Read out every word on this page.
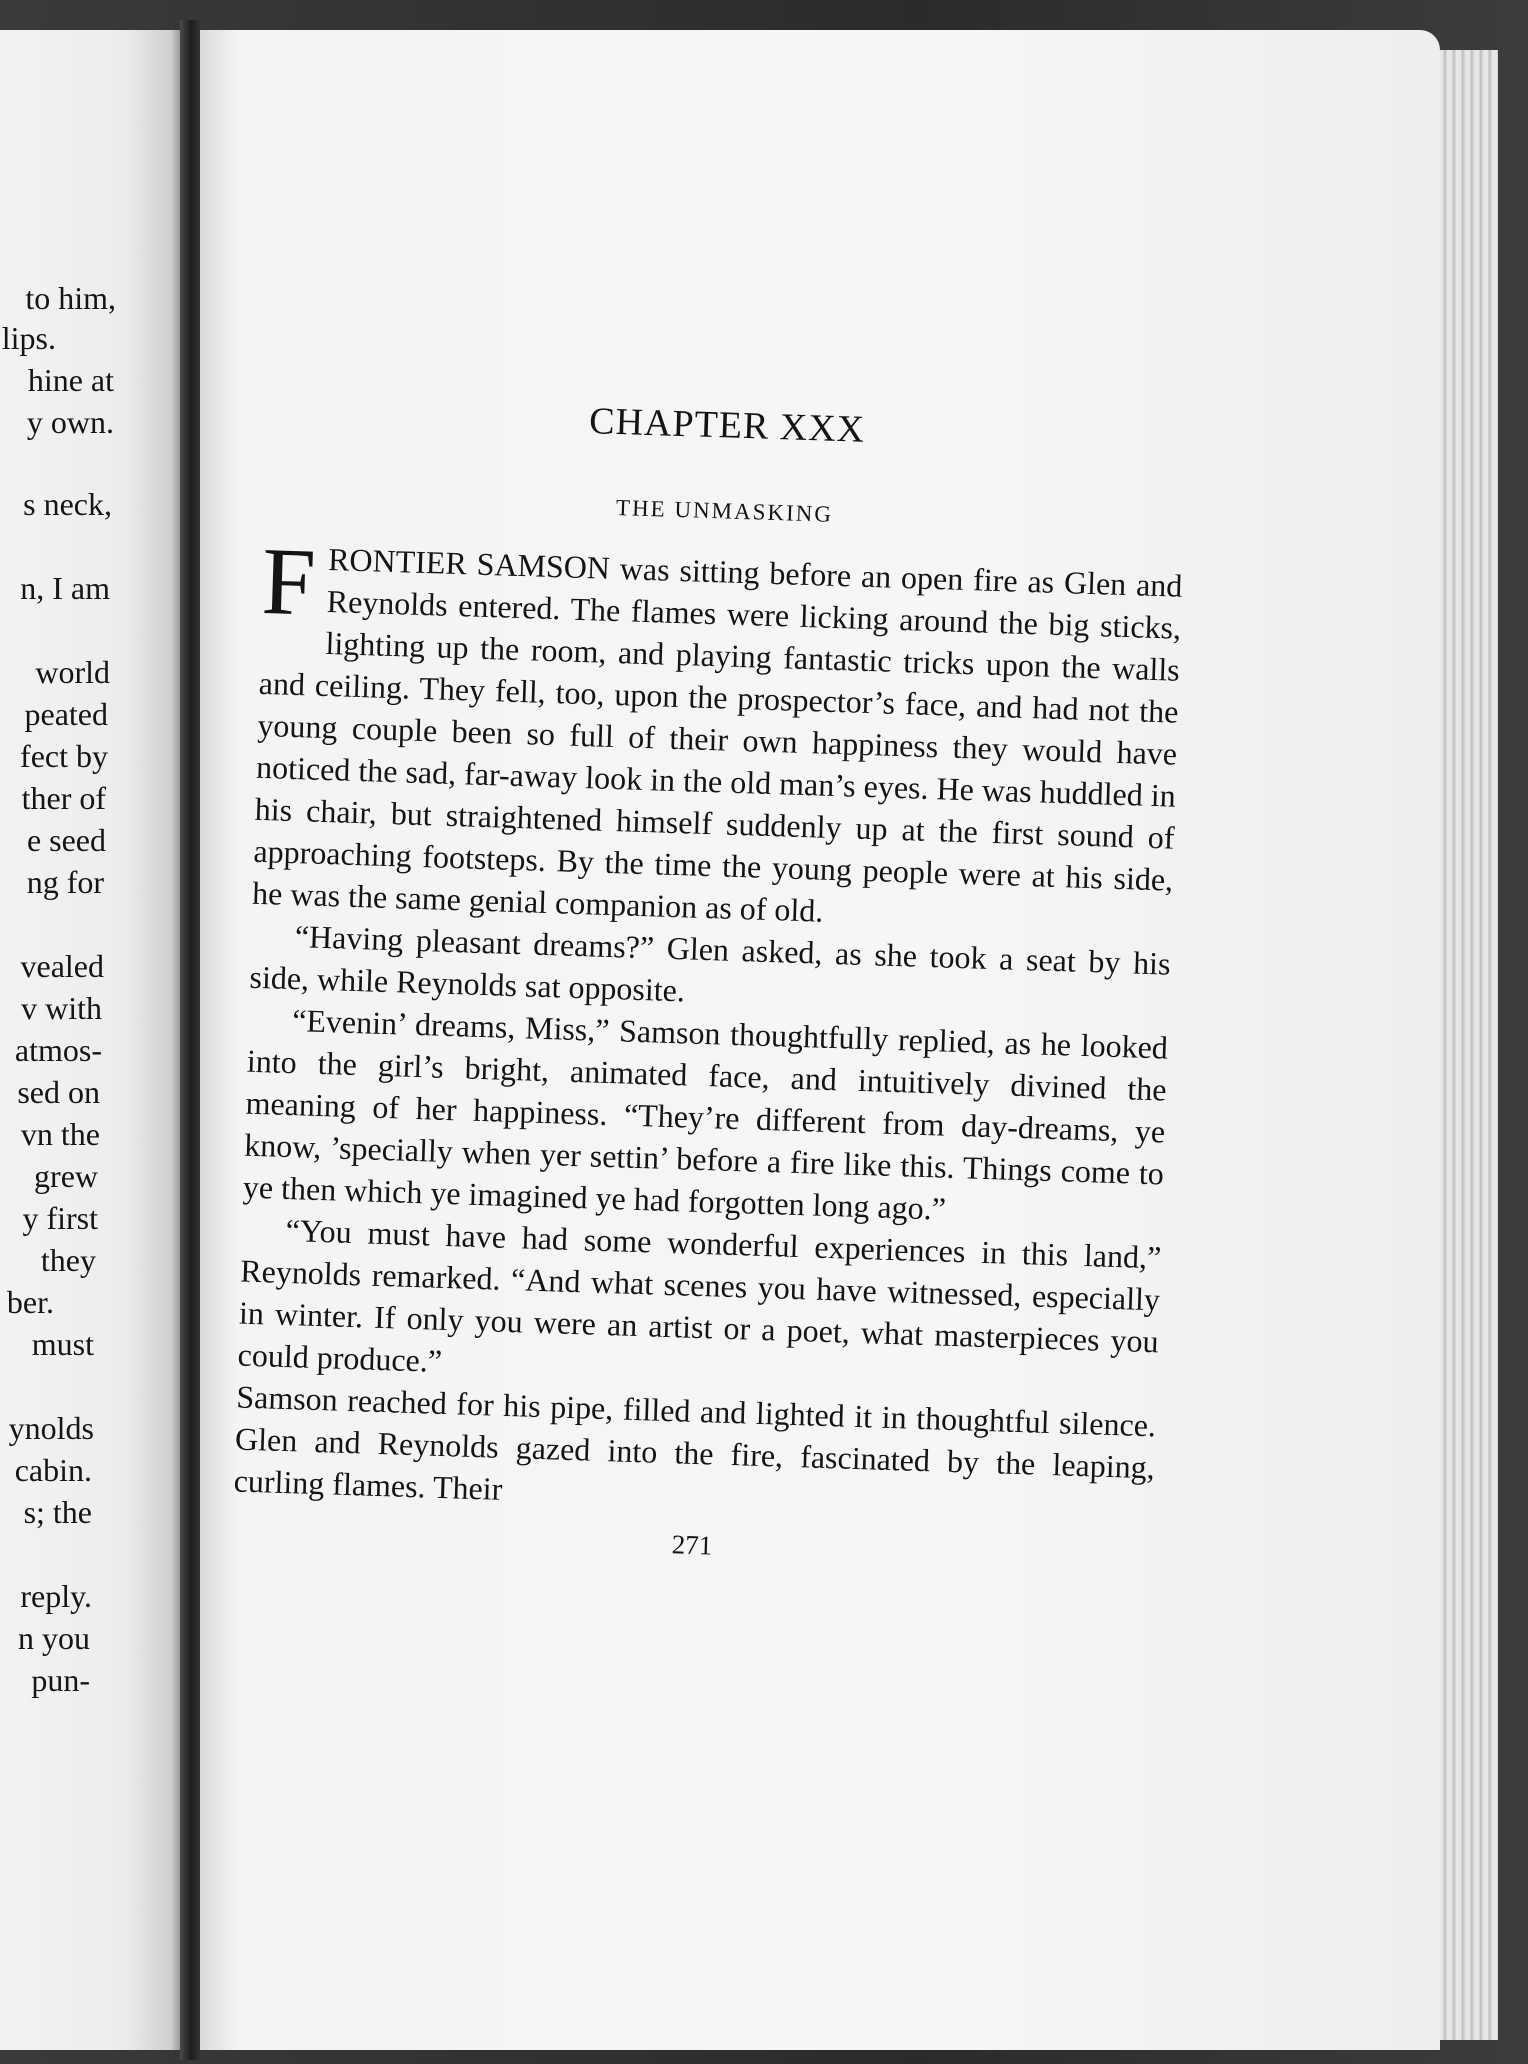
to him,
lips.
hine at
y own.
s neck,
n, I am
world
peated
fect by
ther of
e seed
ng for
vealed
v with
atmos-
sed on
vn the
grew
y first
they
ber.
must
ynolds
cabin.
s; the
reply.
n you
pun-
CHAPTER XXX
THE UNMASKING

FRONTIER SAMSON was sitting before an open fire as Glen and Reynolds entered. The flames were licking around the big sticks, lighting up the room, and playing fantastic tricks upon the walls and ceiling. They fell, too, upon the prospector’s face, and had not the young couple been so full of their own happiness they would have noticed the sad, far-away look in the old man’s eyes. He was huddled in his chair, but straightened himself suddenly up at the first sound of approaching footsteps. By the time the young people were at his side, he was the same genial companion as of old.

“Having pleasant dreams?” Glen asked, as she took a seat by his side, while Reynolds sat opposite.

“Evenin’ dreams, Miss,” Samson thoughtfully replied, as he looked into the girl’s bright, animated face, and intuitively divined the meaning of her happiness. “They’re different from day-dreams, ye know, ’specially when yer settin’ before a fire like this. Things come to ye then which ye imagined ye had forgotten long ago.”

“You must have had some wonderful experiences in this land,” Reynolds remarked. “And what scenes you have witnessed, especially in winter. If only you were an artist or a poet, what masterpieces you could produce.”

Samson reached for his pipe, filled and lighted it in thoughtful silence. Glen and Reynolds gazed into the fire, fascinated by the leaping, curling flames. Their

271
